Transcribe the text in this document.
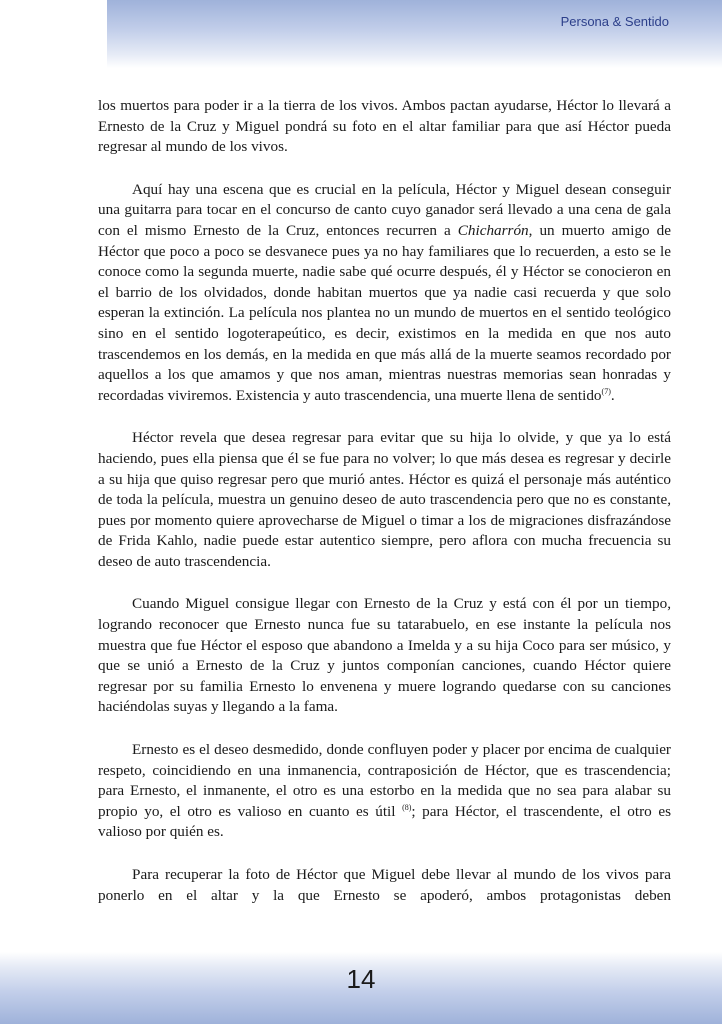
Persona & Sentido

los muertos para poder ir a la tierra de los vivos. Ambos pactan ayudarse, Héctor lo llevará a Ernesto de la Cruz y Miguel pondrá su foto en el altar familiar para que así Héctor pueda regresar al mundo de los vivos.

Aquí hay una escena que es crucial en la película, Héctor y Miguel desean conseguir una guitarra para tocar en el concurso de canto cuyo ganador será llevado a una cena de gala con el mismo Ernesto de la Cruz, entonces recurren a Chicharrón, un muerto amigo de Héctor que poco a poco se desvanece pues ya no hay familiares que lo recuerden, a esto se le conoce como la segunda muerte, nadie sabe qué ocurre después, él y Héctor se conocieron en el barrio de los olvidados, donde habitan muertos que ya nadie casi recuerda y que solo esperan la extinción. La película nos plantea no un mundo de muertos en el sentido teológico sino en el sentido logoterapeútico, es decir, existimos en la medida en que nos auto trascendemos en los demás, en la medida en que más allá de la muerte seamos recordado por aquellos a los que amamos y que nos aman, mientras nuestras memorias sean honradas y recordadas viviremos. Existencia y auto trascendencia, una muerte llena de sentido$^{(7)}$.

Héctor revela que desea regresar para evitar que su hija lo olvide, y que ya lo está haciendo, pues ella piensa que él se fue para no volver; lo que más desea es regresar y decirle a su hija que quiso regresar pero que murió antes. Héctor es quizá el personaje más auténtico de toda la película, muestra un genuino deseo de auto trascendencia pero que no es constante, pues por momento quiere aprovecharse de Miguel o timar a los de migraciones disfrazándose de Frida Kahlo, nadie puede estar autentico siempre, pero aflora con mucha frecuencia su deseo de auto trascendencia.

Cuando Miguel consigue llegar con Ernesto de la Cruz y está con él por un tiempo, logrando reconocer que Ernesto nunca fue su tatarabuelo, en ese instante la película nos muestra que fue Héctor el esposo que abandono a Imelda y a su hija Coco para ser músico, y que se unió a Ernesto de la Cruz y juntos componían canciones, cuando Héctor quiere regresar por su familia Ernesto lo envenena y muere logrando quedarse con su canciones haciéndolas suyas y llegando a la fama.

Ernesto es el deseo desmedido, donde confluyen poder y placer por encima de cualquier respeto, coincidiendo en una inmanencia, contraposición de Héctor, que es trascendencia; para Ernesto, el inmanente, el otro es una estorbo en la medida que no sea para alabar su propio yo, el otro es valioso en cuanto es útil $^{(8)}$; para Héctor, el trascendente, el otro es valioso por quién es.

Para recuperar la foto de Héctor que Miguel debe llevar al mundo de los vivos para ponerlo en el altar y la que Ernesto se apoderó, ambos protagonistas deben

14
